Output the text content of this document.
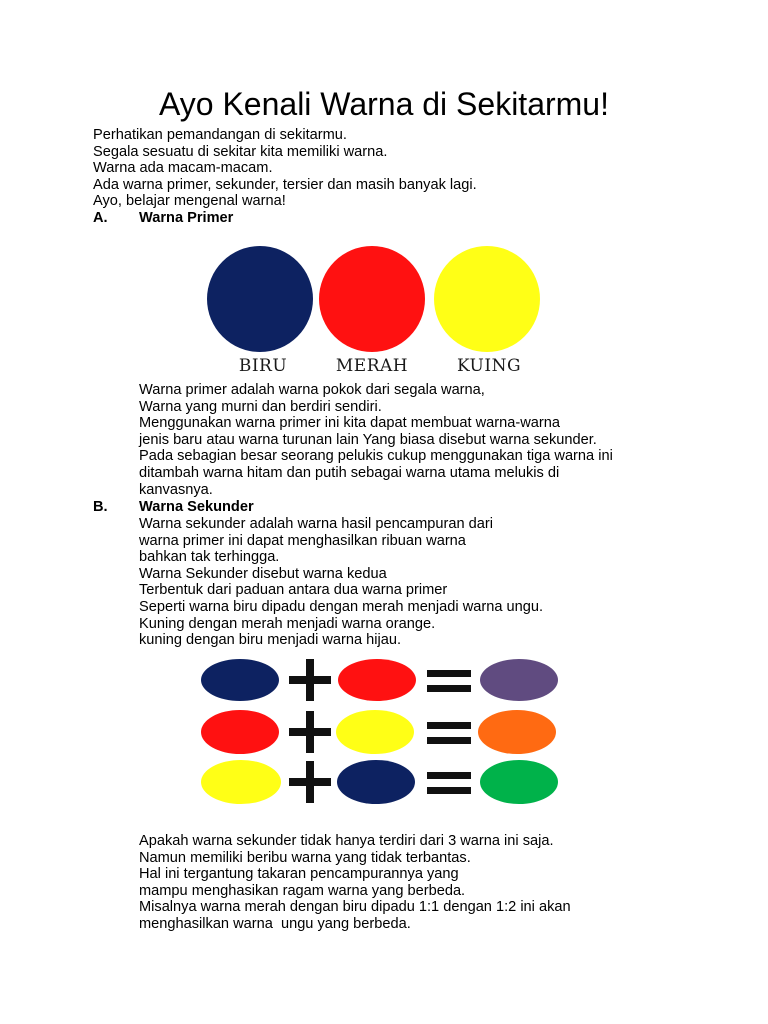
Ayo Kenali Warna di Sekitarmu!
Perhatikan pemandangan di sekitarmu.
Segala sesuatu di sekitar kita memiliki warna.
Warna ada macam-macam.
Ada warna primer, sekunder, tersier dan masih banyak lagi.
Ayo, belajar mengenal warna!
A. Warna Primer
BIRU	MERAH	KUING
Warna primer adalah warna pokok dari segala warna,
Warna yang murni dan berdiri sendiri.
Menggunakan warna primer ini kita dapat membuat warna-warna
jenis baru atau warna turunan lain Yang biasa disebut warna sekunder.
Pada sebagian besar seorang pelukis cukup menggunakan tiga warna ini
ditambah warna hitam dan putih sebagai warna utama melukis di
kanvasnya.
B. Warna Sekunder
Warna sekunder adalah warna hasil pencampuran dari
warna primer ini dapat menghasilkan ribuan warna
bahkan tak terhingga.
Warna Sekunder disebut warna kedua
Terbentuk dari paduan antara dua warna primer
Seperti warna biru dipadu dengan merah menjadi warna ungu.
Kuning dengan merah menjadi warna orange.
kuning dengan biru menjadi warna hijau.
Apakah warna sekunder tidak hanya terdiri dari 3 warna ini saja.
Namun memiliki beribu warna yang tidak terbantas.
Hal ini tergantung takaran pencampurannya yang
mampu menghasikan ragam warna yang berbeda.
Misalnya warna merah dengan biru dipadu 1:1 dengan 1:2 ini akan
menghasilkan warna  ungu yang berbeda.
